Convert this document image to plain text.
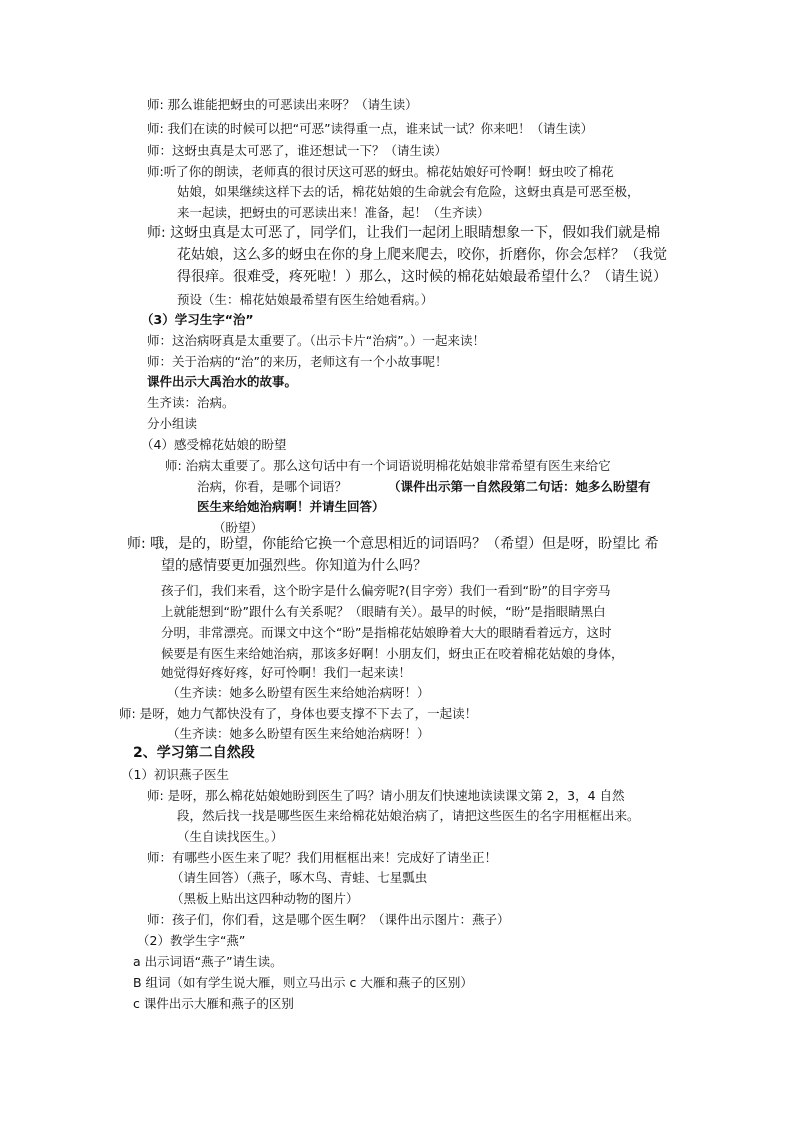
师: 那么谁能把蚜虫的可恶读出来呀？（请生读）
师: 我们在读的时候可以把“可恶”读得重一点，谁来试一试？你来吧！（请生读）
师：这蚜虫真是太可恶了，谁还想试一下？（请生读）
师:听了你的朗读，老师真的很讨厌这可恶的蚜虫。棉花姑娘好可怜啊！蚜虫咬了棉花
姑娘，如果继续这样下去的话，棉花姑娘的生命就会有危险，这蚜虫真是可恶至极，
来一起读，把蚜虫的可恶读出来！准备，起！（生齐读）
师: 这蚜虫真是太可恶了，同学们，让我们一起闭上眼睛想象一下，假如我们就是棉
花姑娘，这么多的蚜虫在你的身上爬来爬去，咬你，折磨你，你会怎样？（我觉
得很痒。很难受，疼死啦！）那么，这时候的棉花姑娘最希望什么？（请生说）
预设（生：棉花姑娘最希望有医生给她看病。）
（3）学习生字“治”
师：这治病呀真是太重要了。（出示卡片“治病”。）一起来读！
师：关于治病的“治”的来历，老师这有一个小故事呢！
课件出示大禹治水的故事。
生齐读：治病。
分小组读
（4）感受棉花姑娘的盼望
师: 治病太重要了。那么这句话中有一个词语说明棉花姑娘非常希望有医生来给它
治病，你看，是哪个词语？	（课件出示第一自然段第二句话：她多么盼望有
医生来给她治病啊！并请生回答）
（盼望）
师: 哦，是的，盼望，你能给它换一个意思相近的词语吗？（希望）但是呀，盼望比 希
望的感情要更加强烈些。你知道为什么吗？
孩子们，我们来看，这个盼字是什么偏旁呢?(目字旁）我们一看到“盼”的目字旁马
上就能想到“盼”跟什么有关系呢？（眼睛有关）。最早的时候，“盼”是指眼睛黑白
分明，非常漂亮。而课文中这个“盼”是指棉花姑娘睁着大大的眼睛看着远方，这时
候要是有医生来给她治病，那该多好啊！小朋友们，蚜虫正在咬着棉花姑娘的身体，
她觉得好疼好疼，好可怜啊！我们一起来读！
（生齐读：她多么盼望有医生来给她治病呀！）
师: 是呀，她力气都快没有了，身体也要支撑不下去了，一起读！
（生齐读：她多么盼望有医生来给她治病呀！）
2、学习第二自然段
（1）初识燕子医生
师: 是呀，那么棉花姑娘她盼到医生了吗？请小朋友们快速地读读课文第 2，3，4 自然
段，然后找一找是哪些医生来给棉花姑娘治病了，请把这些医生的名字用框框出来。
（生自读找医生。）
师：有哪些小医生来了呢？我们用框框出来！完成好了请坐正！
（请生回答）（燕子，啄木鸟、青蛙、七星瓢虫
（黑板上贴出这四种动物的图片）
师：孩子们，你们看，这是哪个医生啊？（课件出示图片：燕子）
（2）教学生字“燕”
a 出示词语“燕子”请生读。
B 组词（如有学生说大雁，则立马出示 c 大雁和燕子的区别）
c 课件出示大雁和燕子的区别
